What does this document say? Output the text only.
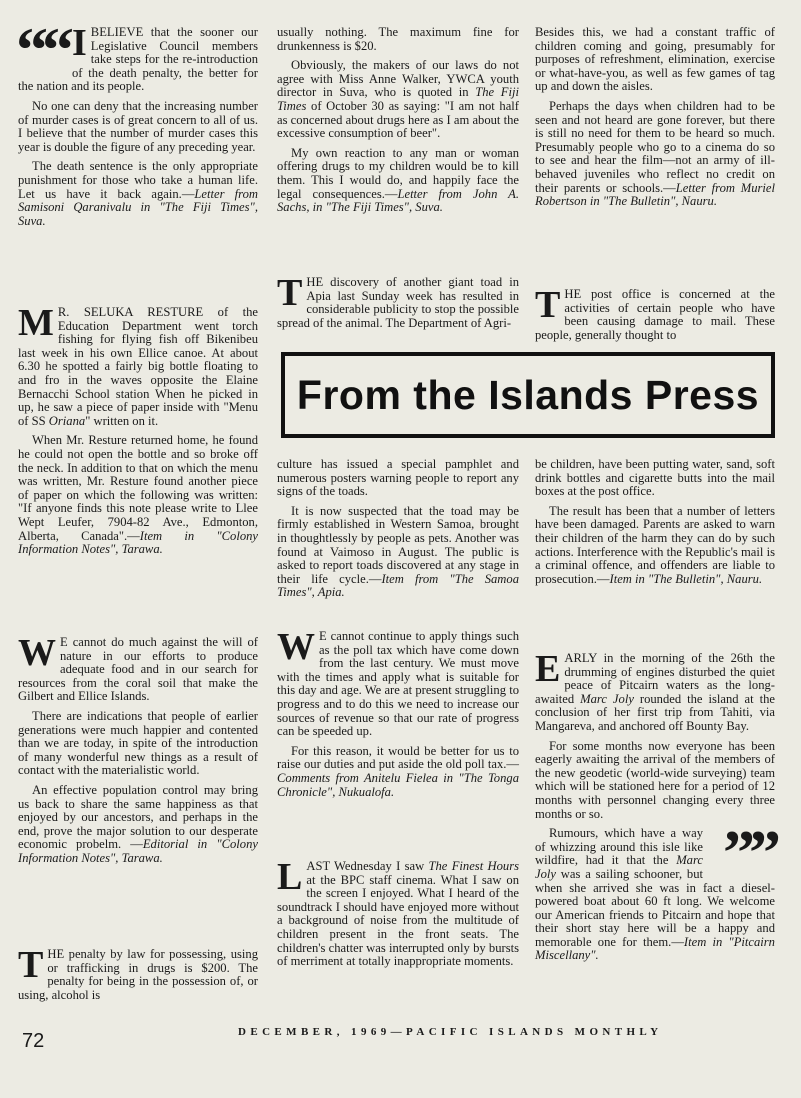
““ I BELIEVE that the sooner our Legislative Council members take steps for the re-introduction of the death penalty, the better for the nation and its people.

No one can deny that the increasing number of murder cases is of great concern to all of us. I believe that the number of murder cases this year is double the figure of any preceding year.

The death sentence is the only appropriate punishment for those who take a human life. Let us have it back again.—Letter from Samisoni Qaranivalu in "The Fiji Times", Suva.

M R. SELUKA RESTURE of the Education Department went torch fishing for flying fish off Bikenibeu last week in his own Ellice canoe. At about 6.30 he spotted a fairly big bottle floating to and fro in the waves opposite the Elaine Bernacchi School station When he picked in up, he saw a piece of paper inside with "Menu of SS Oriana" written on it.

When Mr. Resture returned home, he found he could not open the bottle and so broke off the neck. In addition to that on which the menu was written, Mr. Resture found another piece of paper on which the following was written: "If anyone finds this note please write to Llee Wept Leufer, 7904-82 Ave., Edmonton, Alberta, Canada".—Item in "Colony Information Notes", Tarawa.

W E cannot do much against the will of nature in our efforts to produce adequate food and in our search for resources from the coral soil that make the Gilbert and Ellice Islands.

There are indications that people of earlier generations were much happier and contented than we are today, in spite of the introduction of many wonderful new things as a result of contact with the materialistic world.

An effective population control may bring us back to share the same happiness as that enjoyed by our ancestors, and perhaps in the end, prove the major solution to our desperate economic probelm. —Editorial in "Colony Information Notes", Tarawa.

THE penalty by law for possessing, using or trafficking in drugs is $200. The penalty for being in the possession of, or using, alcohol is

usually nothing. The maximum fine for drunkenness is $20.

Obviously, the makers of our laws do not agree with Miss Anne Walker, YWCA youth director in Suva, who is quoted in The Fiji Times of October 30 as saying: "I am not half as concerned about drugs here as I am about the excessive consumption of beer".

My own reaction to any man or woman offering drugs to my children would be to kill them. This I would do, and happily face the legal consequences.—Letter from John A. Sachs, in "The Fiji Times", Suva.

THE discovery of another giant toad in Apia last Sunday week has resulted in considerable publicity to stop the possible spread of the animal. The Department of Agri-

culture has issued a special pamphlet and numerous posters warning people to report any signs of the toads.

It is now suspected that the toad may be firmly established in Western Samoa, brought in thoughtlessly by people as pets. Another was found at Vaimoso in August. The public is asked to report toads discovered at any stage in their life cycle.—Item from "The Samoa Times", Apia.

W E cannot continue to apply things such as the poll tax which have come down from the last century. We must move with the times and apply what is suitable for this day and age. We are at present struggling to progress and to do this we need to increase our sources of revenue so that our rate of progress can be speeded up.

For this reason, it would be better for us to raise our duties and put aside the old poll tax.—Comments from Anitelu Fielea in "The Tonga Chronicle", Nukualofa.

LAST Wednesday I saw The Finest Hours at the BPC staff cinema. What I saw on the screen I enjoyed. What I heard of the soundtrack I should have enjoyed more without a background of noise from the multitude of children present in the front seats. The children's chatter was interrupted only by bursts of merriment at totally inappropriate moments.

Besides this, we had a constant traffic of children coming and going, presumably for purposes of refreshment, elimination, exercise or what-have-you, as well as few games of tag up and down the aisles.

Perhaps the days when children had to be seen and not heard are gone forever, but there is still no need for them to be heard so much. Presumably people who go to a cinema do so to see and hear the film—not an army of ill-behaved juveniles who reflect no credit on their parents or schools.—Letter from Muriel Robertson in "The Bulletin", Nauru.

THE post office is concerned at the activities of certain people who have been causing damage to mail. These people, generally thought to

be children, have been putting water, sand, soft drink bottles and cigarette butts into the mail boxes at the post office.

The result has been that a number of letters have been damaged. Parents are asked to warn their children of the harm they can do by such actions. Interference with the Republic's mail is a criminal offence, and offenders are liable to prosecution.—Item in "The Bulletin", Nauru.

EARLY in the morning of the 26th the drumming of engines disturbed the quiet peace of Pitcairn waters as the long-awaited Marc Joly rounded the island at the conclusion of her first trip from Tahiti, via Mangareva, and anchored off Bounty Bay.

For some months now everyone has been eagerly awaiting the arrival of the members of the new geodetic (world-wide surveying) team which will be stationed here for a period of 12 months with personnel changing every three months or so.

””
Rumours, which have a way of whizzing around this isle like wildfire, had it that the Marc Joly was a sailing schooner, but when she arrived she was in fact a diesel-powered boat about 60 ft long. We welcome our American friends to Pitcairn and hope that their short stay here will be a happy and memorable one for them.—Item in "Pitcairn Miscellany".

From the Islands Press
72	DECEMBER, 1969—PACIFIC ISLANDS MONTHLY
